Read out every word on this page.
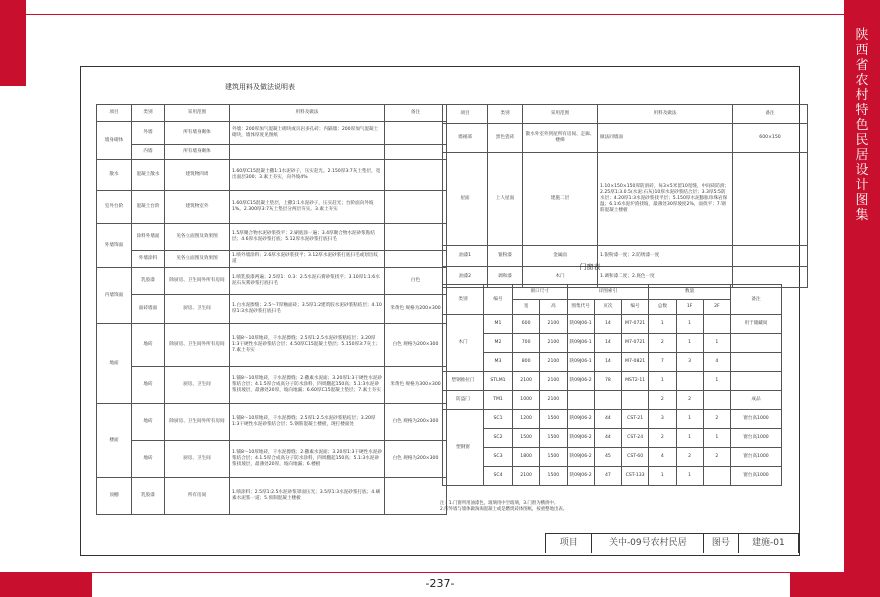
陕西省农村特色民居设计图集
-237-
建筑用料及做法说明表
项目	类别	采用范围	用料及做法	备注
墙身砌体	外墙	所有墙身砌体	外墙：200厚加气混凝土砌块或页岩多孔砖；内隔墙：200厚加气混凝土砌块，墙体厚度见图纸	
	内墙	所有墙身砌体		
散水	混凝土散水	建筑物四周	1.60厚C15混凝土撒1:1水泥砂子，压实赶光。2.150厚3:7灰土垫层，宽出面层300；3.素土夯实，向外坡4%	
室外台阶	混凝土台阶	建筑物室外	1.60厚C15混凝土垫层，上撒1:1水泥砂子，压实赶光；台阶面向外坡1%。2.300厚3:7灰土垫层分两层夯实。3.素土夯实	
外墙饰面	涂料外墙面	见各立面图及效果图	1.5厚聚合物水泥砂浆找平；2.刷底涂一遍；3.4厚聚合物水泥砂浆粘结层；4.6厚水泥砂浆打底；5.12厚水泥砂浆打底扫毛	
	外墙涂料	见各立面图及效果图	1.喷外墙涂料；2.6厚水泥砂浆找平；3.12厚水泥砂浆打底扫毛或划出纹道	
内墙饰面	乳胶漆	除厨房、卫生间外所有房间	1.喷乳胶漆两遍；2.5厚1：0.3：2.5水泥石膏砂浆找平；3.10厚1:1:6水泥石灰膏砂浆打底扫毛	白色
	面砖墙面	厨房、卫生间	1.白水泥擦缝；2.5～7厚釉面砖；3.5厚1:2建筑胶水泥砂浆粘结层；4.10厚1:3水泥砂浆打底扫毛	米黄色 规格为200×300
地面	地砖	除厨房、卫生间外所有房间	1.铺8～10厚地砖，干水泥擦缝；2.5厚1:2.5水泥砂浆粘结层；3.20厚1:3干硬性水泥砂浆结合层；4.50厚C15混凝土垫层；5.150厚3:7灰土；7.素土夯实	白色 规格为200×300
	地砖	厨房、卫生间	1.铺8～10厚地砖，干水泥擦缝；2.撒素水泥面；3.20厚1:3干硬性水泥砂浆结合层；4.1.5厚合成高分子防水涂料，四周翻起150高；5.1:3水泥砂浆找坡层，最薄处20厚，坡向地漏；6.60厚C15混凝土垫层；7.素土夯实	米黄色 规格为300×300
楼面	地砖	除厨房、卫生间外所有房间	1.铺8～10厚地砖，干水泥擦缝；2.5厚1:2.5水泥砂浆粘结层；3.20厚1:3干硬性水泥砂浆结合层；5.钢筋混凝土楼板，现打楼面处	白色 规格为200×300
	地砖	厨房、卫生间	1.铺8～10厚地砖，干水泥擦缝；2.撒素水泥面；3.20厚1:3干硬性水泥砂浆结合层；4.1.5厚合成高分子防水涂料，四周翻起150高；5.1:3水泥砂浆找坡层，最薄处20厚，坡向地漏；6.楼板	白色 规格为200×300
顶棚	乳胶漆	所有房间	1.喷涂料；2.5厚1:2.5水泥砂浆罩面压光；3.5厚1:3水泥砂浆打底；4.刷素水泥浆一道；5.预制混凝土楼板	
项目	类别	采用范围	用料及做法	备注
墙裙部	黑色瓷砖	散水外室外到屋所有房间、走廊、楼梯	做法同墙面	600×150
屋面	上人屋面	建施二层	1.10×150×150厚防滑砖，每3×5米留10宽缝，中间砖防滑；2.25厚1:3.0.5(水泥:石灰)10厚水泥砂浆结合层；3.3厚5:5防水层；4.20厚1:3水泥砂浆找平层；5.150厚水泥膨胀珍珠岩保温；6.1:6水泥炉渣找坡，最薄处30厚坡度2%，面找平；7.钢筋混凝土楼板	
油漆1	银粉漆	金属面	1.银粉漆一度；2.防锈漆一度	
油漆2	调和漆	木门	1.调和漆二度；2.底色一度	
门窗表
类别	编号	洞口尺寸		详图索引			数量			备注
		宽	高	图集代号	页次	编号	总数	1F	2F	
木门	M1	600	2100	陕09J06-1	14	M7-0721	1	1		用于储藏间
	M2	700	2100	陕09J06-1	14	M7-0721	2	1	1	
	M3	800	2100	陕09J06-1	14	M7-0821	7	3	4	
塑钢推拉门	STLM1	2100	2100	陕09J06-2	78	MST2-11	1		1	
防盗门	TM1	1000	2100				2	2		成品
塑钢窗	SC1	1200	1500	陕09J06-2	44	CST-21	3	1	2	窗台高1000
	SC2	1500	1500	陕09J06-2	44	CST-24	2	1	1	窗台高1000
	SC3	1800	1500	陕09J06-2	45	CST-60	4	2	2	窗台高1000
	SC4	2100	1500	陕09J06-2	47	CST-133	1	1		窗台高1000
注：1.门窗所用油漆色，玻璃用中空玻璃，3.门窗为横滑中。
2.所外墙与墙体做淘淘混凝土或是燃烧砖体图纸，按重整地出表。
项目	关中-09号农村民居	图号	建施-01
